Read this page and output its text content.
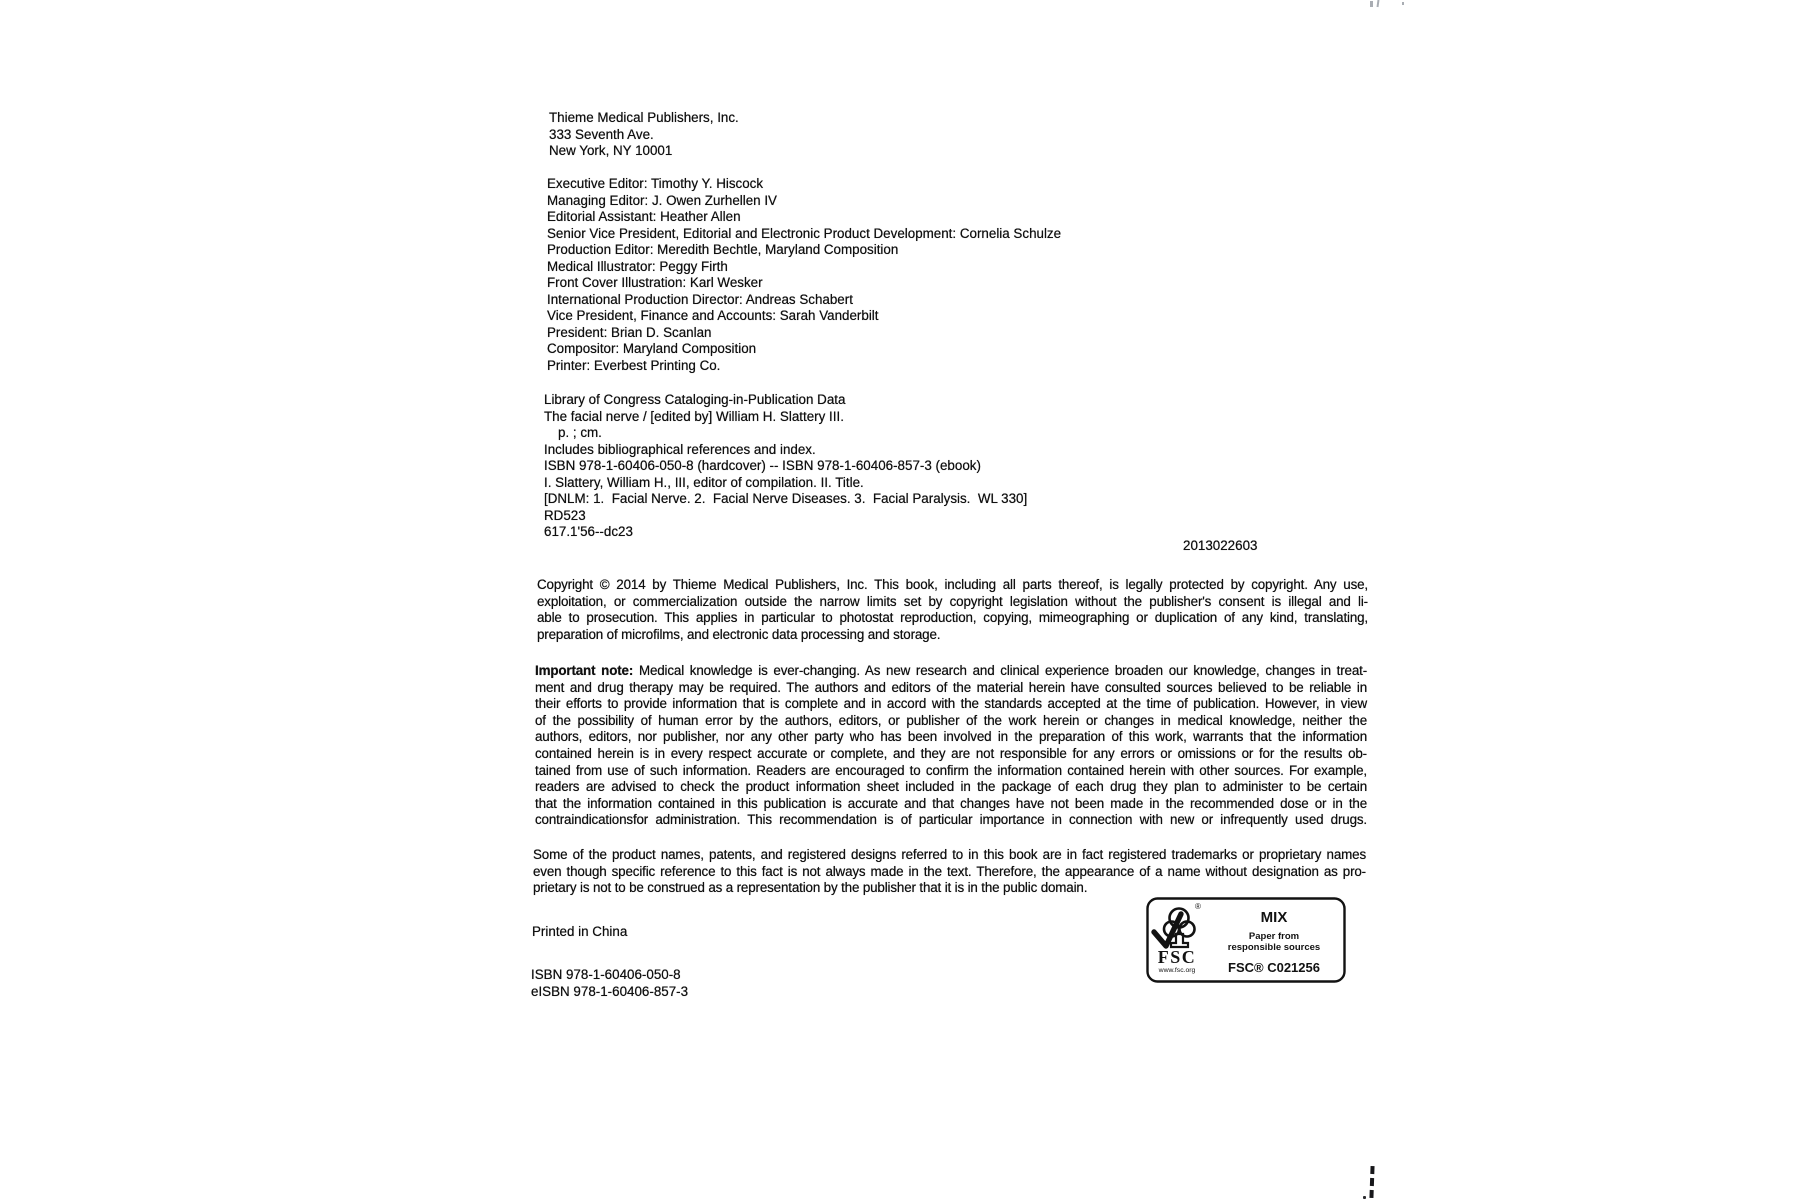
Thieme Medical Publishers, Inc.
333 Seventh Ave.
New York, NY 10001
Executive Editor: Timothy Y. Hiscock
Managing Editor: J. Owen Zurhellen IV
Editorial Assistant: Heather Allen
Senior Vice President, Editorial and Electronic Product Development: Cornelia Schulze
Production Editor: Meredith Bechtle, Maryland Composition
Medical Illustrator: Peggy Firth
Front Cover Illustration: Karl Wesker
International Production Director: Andreas Schabert
Vice President, Finance and Accounts: Sarah Vanderbilt
President: Brian D. Scanlan
Compositor: Maryland Composition
Printer: Everbest Printing Co.
Library of Congress Cataloging-in-Publication Data
The facial nerve / [edited by] William H. Slattery III.
p. ; cm.
Includes bibliographical references and index.
ISBN 978-1-60406-050-8 (hardcover) -- ISBN 978-1-60406-857-3 (ebook)
I. Slattery, William H., III, editor of compilation. II. Title.
[DNLM: 1.  Facial Nerve. 2.  Facial Nerve Diseases. 3.  Facial Paralysis.  WL 330]
RD523
617.1'56--dc23
2013022603
Copyright © 2014 by Thieme Medical Publishers, Inc. This book, including all parts thereof, is legally protected by copyright. Any use,
exploitation, or commercialization outside the narrow limits set by copyright legislation without the publisher's consent is illegal and li-
able to prosecution. This applies in particular to photostat reproduction, copying, mimeographing or duplication of any kind, translating,
preparation of microfilms, and electronic data processing and storage.
Important note: Medical knowledge is ever-changing. As new research and clinical experience broaden our knowledge, changes in treat-
ment and drug therapy may be required. The authors and editors of the material herein have consulted sources believed to be reliable in
their efforts to provide information that is complete and in accord with the standards accepted at the time of publication. However, in view
of the possibility of human error by the authors, editors, or publisher of the work herein or changes in medical knowledge, neither the
authors, editors, nor publisher, nor any other party who has been involved in the preparation of this work, warrants that the information
contained herein is in every respect accurate or complete, and they are not responsible for any errors or omissions or for the results ob-
tained from use of such information. Readers are encouraged to confirm the information contained herein with other sources. For example,
readers are advised to check the product information sheet included in the package of each drug they plan to administer to be certain
that the information contained in this publication is accurate and that changes have not been made in the recommended dose or in the
contraindicationsfor administration. This recommendation is of particular importance in connection with new or infrequently used drugs.
Some of the product names, patents, and registered designs referred to in this book are in fact registered trademarks or proprietary names
even though specific reference to this fact is not always made in the text. Therefore, the appearance of a name without designation as pro-
prietary is not to be construed as a representation by the publisher that it is in the public domain.
Printed in China
ISBN 978-1-60406-050-8
eISBN 978-1-60406-857-3
®
FSC
www.fsc.org
MIX
Paper from
responsible sources
FSC® C021256
